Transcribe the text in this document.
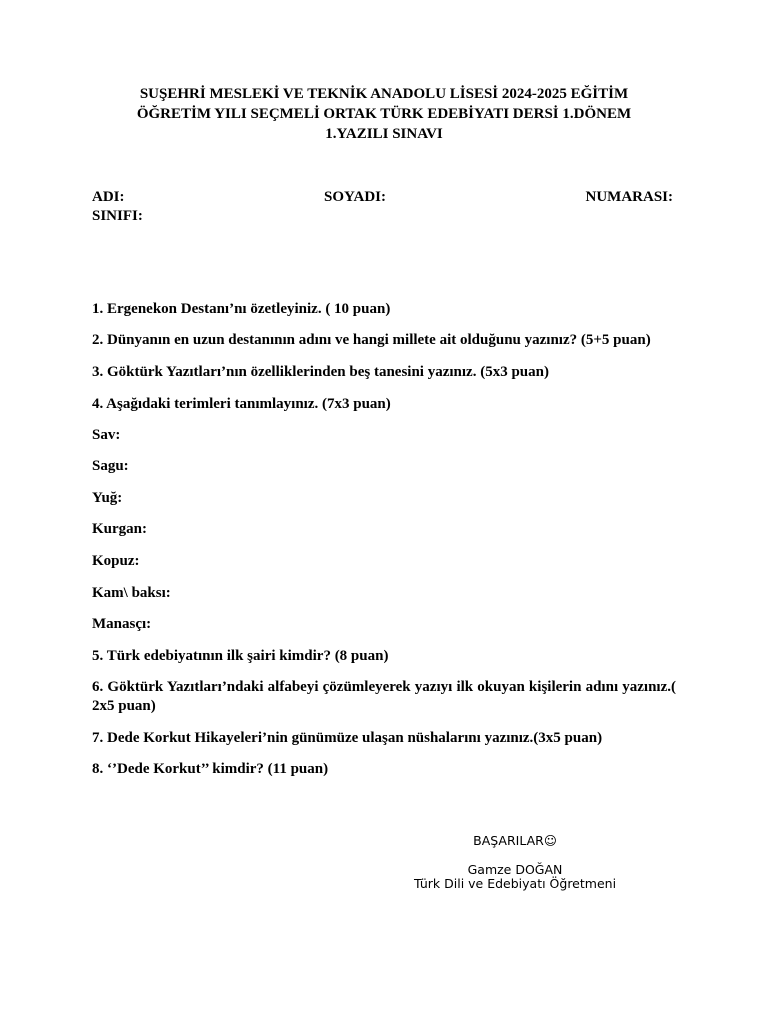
SUŞEHRİ MESLEKİ VE TEKNİK ANADOLU LİSESİ 2024-2025 EĞİTİM
ÖĞRETİM YILI SEÇMELİ ORTAK TÜRK EDEBİYATI DERSİ 1.DÖNEM
1.YAZILI SINAVI
ADI:	SOYADI:	NUMARASI:
SINIFI:
1. Ergenekon Destanı’nı özetleyiniz. ( 10 puan)
2. Dünyanın en uzun destanının adını ve hangi millete ait olduğunu yazınız? (5+5 puan)
3. Göktürk Yazıtları’nın özelliklerinden beş tanesini yazınız. (5x3 puan)
4. Aşağıdaki terimleri tanımlayınız. (7x3 puan)
Sav:
Sagu:
Yuğ:
Kurgan:
Kopuz:
Kam\ baksı:
Manasçı:
5. Türk edebiyatının ilk şairi kimdir? (8 puan)
6. Göktürk Yazıtları’ndaki alfabeyi çözümleyerek yazıyı ilk okuyan kişilerin adını yazınız.( 2x5 puan)
7. Dede Korkut Hikayeleri’nin günümüze ulaşan nüshalarını yazınız.(3x5 puan)
8. ‘’Dede Korkut’’ kimdir? (11 puan)
BAŞARILAR☺
Gamze DOĞAN
Türk Dili ve Edebiyatı Öğretmeni
